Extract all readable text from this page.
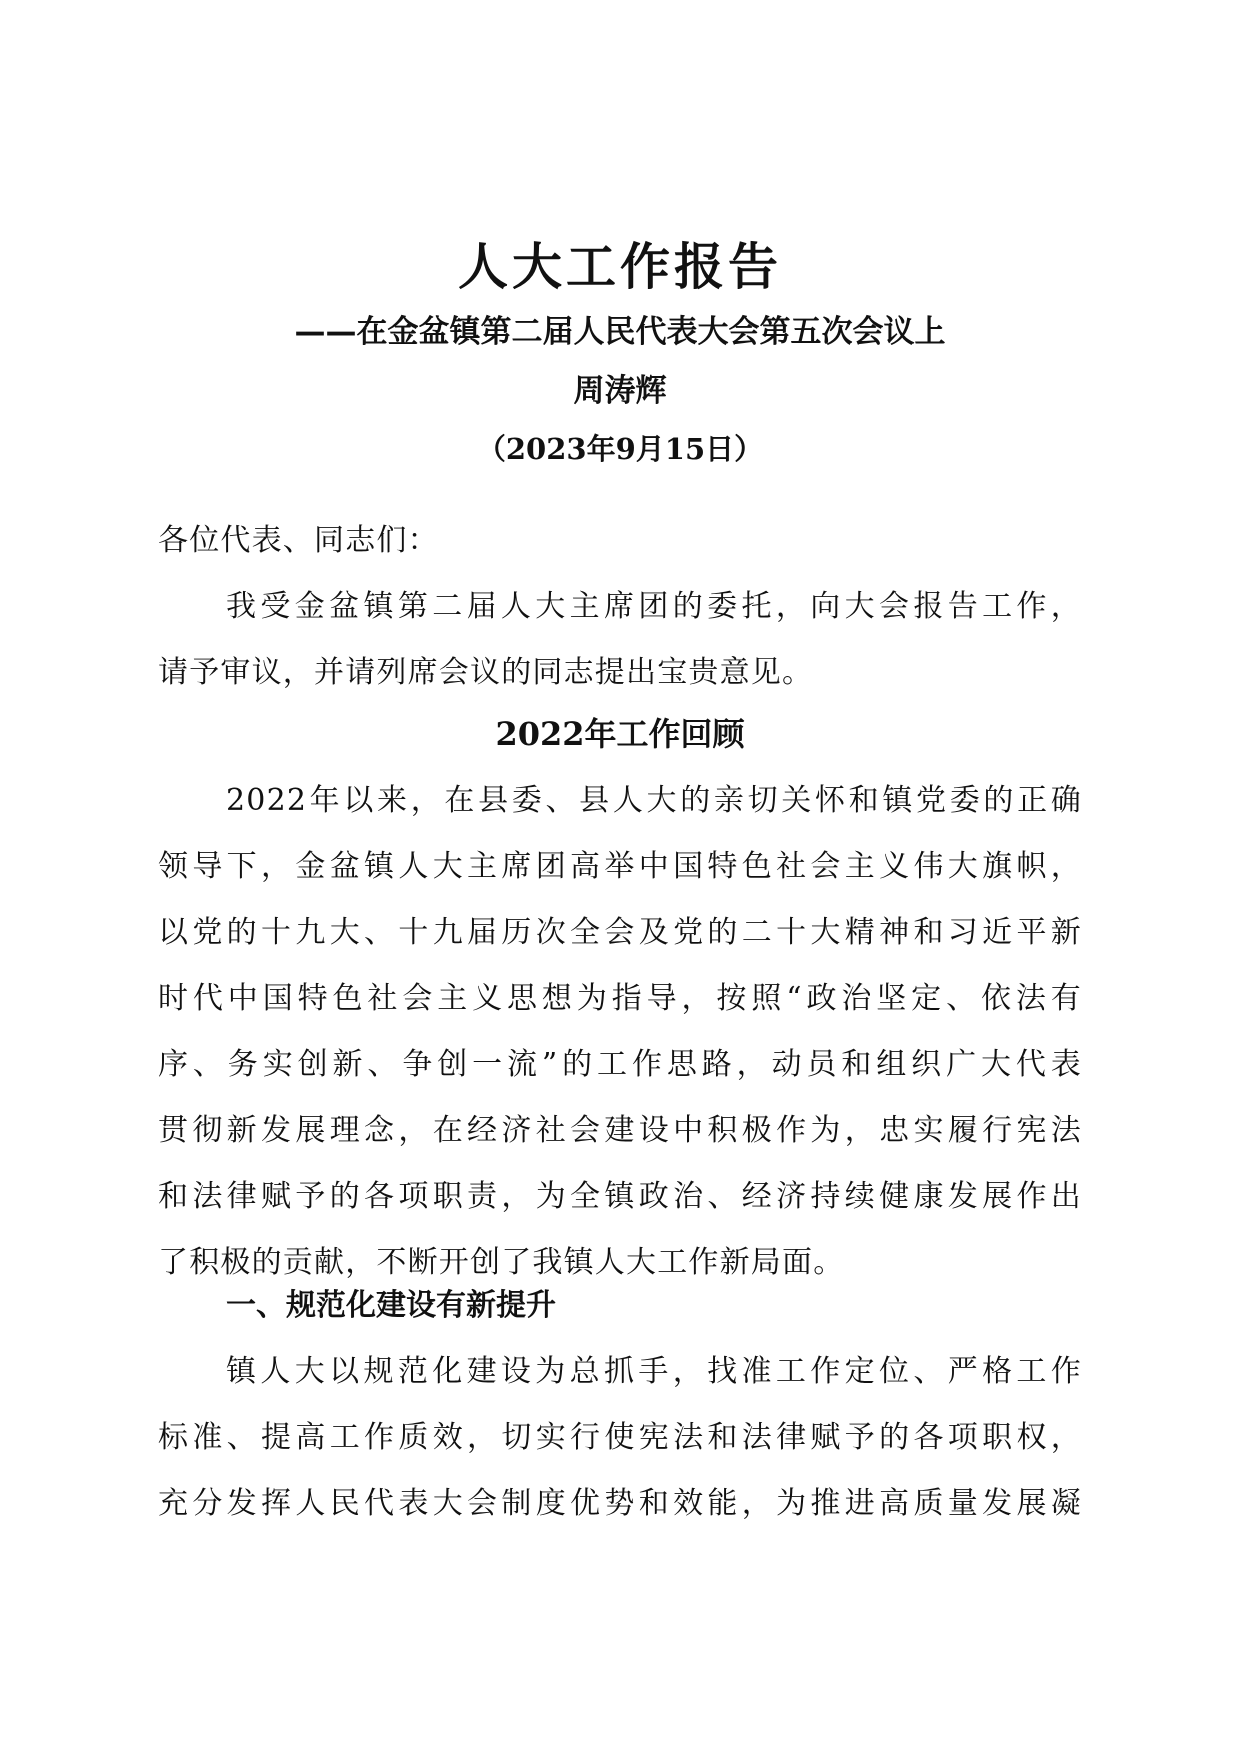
人大工作报告
——在金盆镇第二届人民代表大会第五次会议上
周涛辉
（2023年9月15日）
各位代表、同志们：
我受金盆镇第二届人大主席团的委托，向大会报告工作，
请予审议，并请列席会议的同志提出宝贵意见。
2022年工作回顾
2022年以来，在县委、县人大的亲切关怀和镇党委的正确
领导下，金盆镇人大主席团高举中国特色社会主义伟大旗帜，
以党的十九大、十九届历次全会及党的二十大精神和习近平新
时代中国特色社会主义思想为指导，按照“政治坚定、依法有
序、务实创新、争创一流”的工作思路，动员和组织广大代表
贯彻新发展理念，在经济社会建设中积极作为，忠实履行宪法
和法律赋予的各项职责，为全镇政治、经济持续健康发展作出
了积极的贡献，不断开创了我镇人大工作新局面。
一、规范化建设有新提升
镇人大以规范化建设为总抓手，找准工作定位、严格工作
标准、提高工作质效，切实行使宪法和法律赋予的各项职权，
充分发挥人民代表大会制度优势和效能，为推进高质量发展凝
